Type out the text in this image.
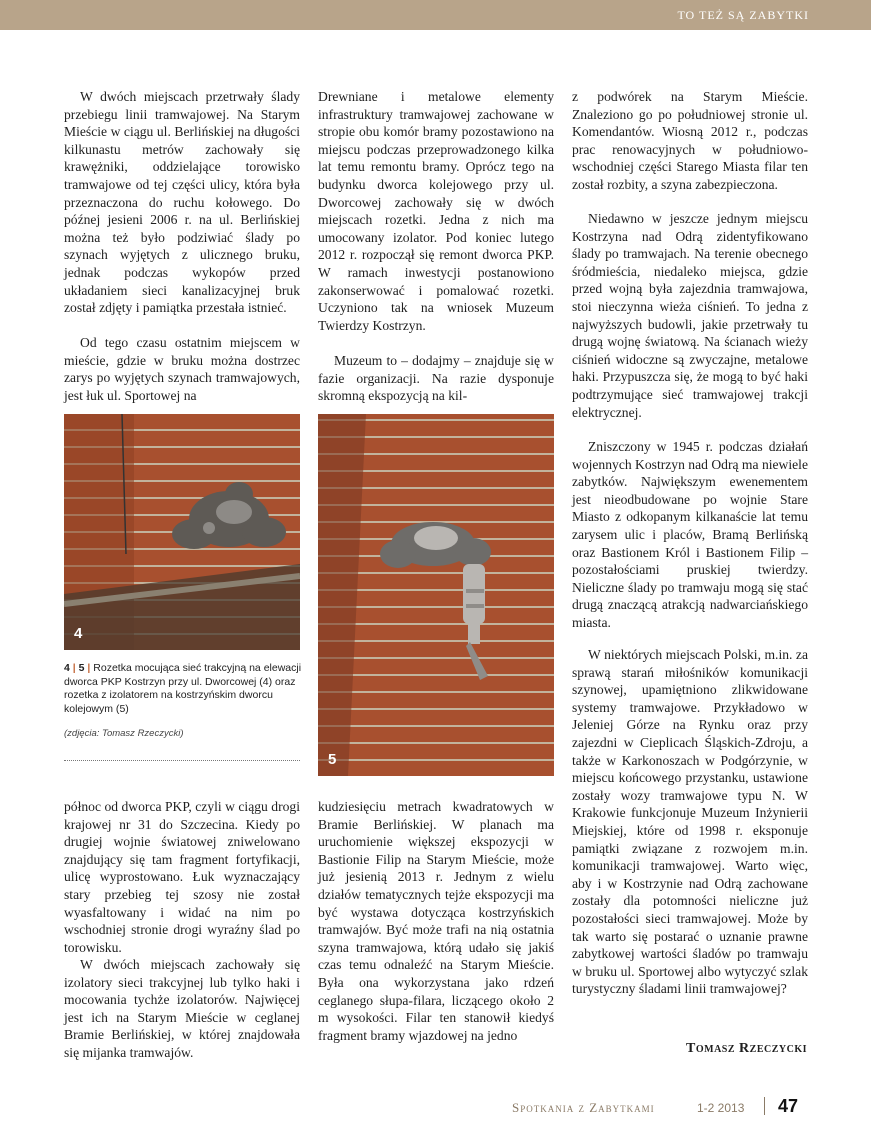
TO TEŻ SĄ ZABYTKI

W dwóch miejscach przetrwały ślady przebiegu linii tramwajowej. Na Starym Mieście w ciągu ul. Berlińskiej na długości kilkunastu metrów zachowały się krawężniki, oddzielające torowisko tramwajowe od tej części ulicy, która była przeznaczona do ruchu kołowego. Do późnej jesieni 2006 r. na ul. Berlińskiej można też było podziwiać ślady po szynach wyjętych z ulicznego bruku, jednak podczas wykopów przed układaniem sieci kanalizacyjnej bruk został zdjęty i pamiątka przestała istnieć.

Od tego czasu ostatnim miejscem w mieście, gdzie w bruku można dostrzec zarys po wyjętych szynach tramwajowych, jest łuk ul. Sportowej na

4
4 | 5 | Rozetka mocująca sieć trakcyjną na elewacji dworca PKP Kostrzyn przy ul. Dworcowej (4) oraz rozetka z izolatorem na kostrzyńskim dworcu kolejowym (5)
(zdjęcia: Tomasz Rzeczycki)

północ od dworca PKP, czyli w ciągu drogi krajowej nr 31 do Szczecina. Kiedy po drugiej wojnie światowej zniwelowano znajdujący się tam fragment fortyfikacji, ulicę wyprostowano. Łuk wyznaczający stary przebieg tej szosy nie został wyasfaltowany i widać na nim po wschodniej stronie drogi wyraźny ślad po torowisku.

W dwóch miejscach zachowały się izolatory sieci trakcyjnej lub tylko haki i mocowania tychże izolatorów. Najwięcej jest ich na Starym Mieście w ceglanej Bramie Berlińskiej, w której znajdowała się mijanka tramwajów.

Drewniane i metalowe elementy infrastruktury tramwajowej zachowane w stropie obu komór bramy pozostawiono na miejscu podczas przeprowadzonego kilka lat temu remontu bramy. Oprócz tego na budynku dworca kolejowego przy ul. Dworcowej zachowały się w dwóch miejscach rozetki. Jedna z nich ma umocowany izolator. Pod koniec lutego 2012 r. rozpoczął się remont dworca PKP. W ramach inwestycji postanowiono zakonserwować i pomalować rozetki. Uczyniono tak na wniosek Muzeum Twierdzy Kostrzyn.

Muzeum to – dodajmy – znajduje się w fazie organizacji. Na razie dysponuje skromną ekspozycją na kil-

5

kudziesięciu metrach kwadratowych w Bramie Berlińskiej. W planach ma uruchomienie większej ekspozycji w Bastionie Filip na Starym Mieście, może już jesienią 2013 r. Jednym z wielu działów tematycznych tejże ekspozycji ma być wystawa dotycząca kostrzyńskich tramwajów. Być może trafi na nią ostatnia szyna tramwajowa, którą udało się jakiś czas temu odnaleźć na Starym Mieście. Była ona wykorzystana jako rdzeń ceglanego słupa-filara, liczącego około 2 m wysokości. Filar ten stanowił kiedyś fragment bramy wjazdowej na jedno

z podwórek na Starym Mieście. Znaleziono go po południowej stronie ul. Komendantów. Wiosną 2012 r., podczas prac renowacyjnych w południowo-wschodniej części Starego Miasta filar ten został rozbity, a szyna zabezpieczona.

Niedawno w jeszcze jednym miejscu Kostrzyna nad Odrą zidentyfikowano ślady po tramwajach. Na terenie obecnego śródmieścia, niedaleko miejsca, gdzie przed wojną była zajezdnia tramwajowa, stoi nieczynna wieża ciśnień. To jedna z najwyższych budowli, jakie przetrwały tu drugą wojnę światową. Na ścianach wieży ciśnień widoczne są zwyczajne, metalowe haki. Przypuszcza się, że mogą to być haki podtrzymujące sieć tramwajowej trakcji elektrycznej.

Zniszczony w 1945 r. podczas działań wojennych Kostrzyn nad Odrą ma niewiele zabytków. Największym ewenementem jest nieodbudowane po wojnie Stare Miasto z odkopanym kilkanaście lat temu zarysem ulic i placów, Bramą Berlińską oraz Bastionem Król i Bastionem Filip – pozostałościami pruskiej twierdzy. Nieliczne ślady po tramwaju mogą się stać drugą znaczącą atrakcją nadwarciańskiego miasta.

W niektórych miejscach Polski, m.in. za sprawą starań miłośników komunikacji szynowej, upamiętniono zlikwidowane systemy tramwajowe. Przykładowo w Jeleniej Górze na Rynku oraz przy zajezdni w Cieplicach Śląskich-Zdroju, a także w Karkonoszach w Podgórzynie, w miejscu końcowego przystanku, ustawione zostały wozy tramwajowe typu N. W Krakowie funkcjonuje Muzeum Inżynierii Miejskiej, które od 1998 r. eksponuje pamiątki związane z rozwojem m.in. komunikacji tramwajowej. Warto więc, aby i w Kostrzynie nad Odrą zachowane zostały dla potomności nieliczne już pozostałości sieci tramwajowej. Może by tak warto się postarać o uznanie prawne zabytkowej wartości śladów po tramwaju w bruku ul. Sportowej albo wytyczyć szlak turystyczny śladami linii tramwajowej?

Tomasz Rzeczycki
Spotkania z Zabytkami	1-2 2013 47
